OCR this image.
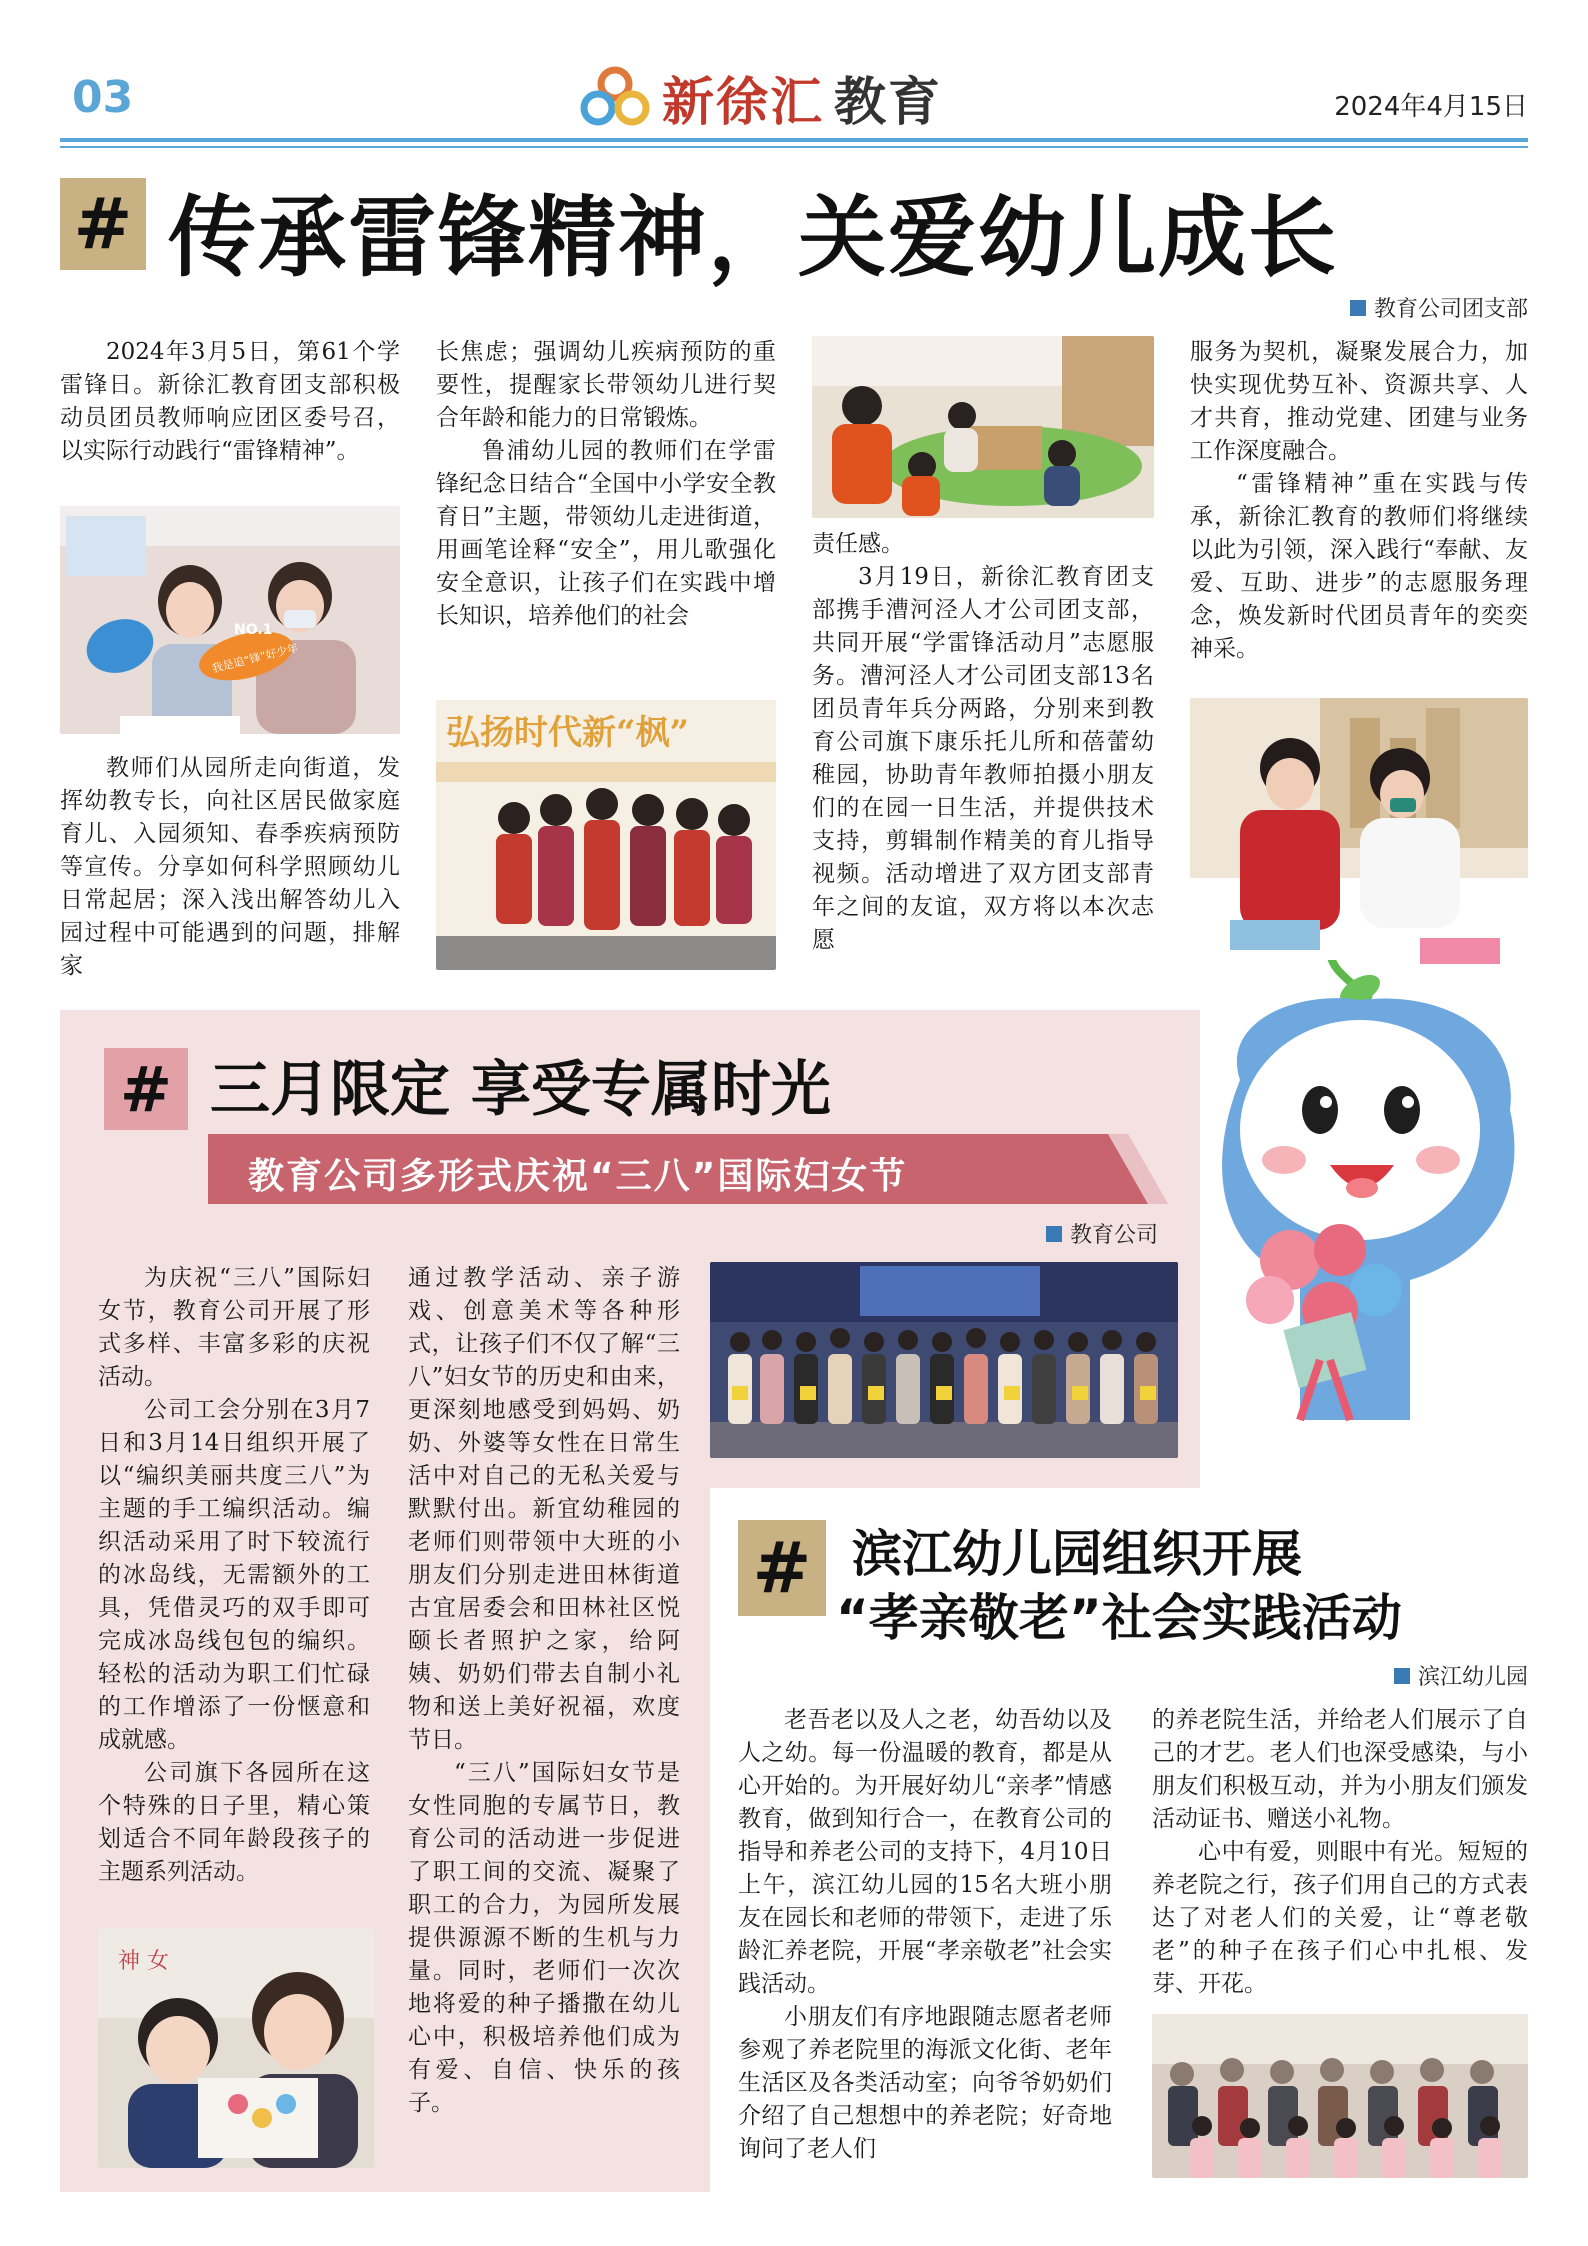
03	新徐汇 教育	2024年4月15日
# 传承雷锋精神，关爱幼儿成长
教育公司团支部

2024年3月5日，第61个学雷锋日。新徐汇教育团支部积极动员团员教师响应团区委号召，以实际行动践行“雷锋精神”。

NO.1
我是追“锋”好少年

教师们从园所走向街道，发挥幼教专长，向社区居民做家庭育儿、入园须知、春季疾病预防等宣传。分享如何科学照顾幼儿日常起居；深入浅出解答幼儿入园过程中可能遇到的问题，排解家

长焦虑；强调幼儿疾病预防的重要性，提醒家长带领幼儿进行契合年龄和能力的日常锻炼。

鲁浦幼儿园的教师们在学雷锋纪念日结合“全国中小学安全教育日”主题，带领幼儿走进街道，用画笔诠释“安全”，用儿歌强化安全意识，让孩子们在实践中增长知识，培养他们的社会

弘扬时代新“枫”

责任感。

3月19日，新徐汇教育团支部携手漕河泾人才公司团支部，共同开展“学雷锋活动月”志愿服务。漕河泾人才公司团支部13名团员青年兵分两路，分别来到教育公司旗下康乐托儿所和蓓蕾幼稚园，协助青年教师拍摄小朋友们的在园一日生活，并提供技术支持，剪辑制作精美的育儿指导视频。活动增进了双方团支部青年之间的友谊，双方将以本次志愿

服务为契机，凝聚发展合力，加快实现优势互补、资源共享、人才共育，推动党建、团建与业务工作深度融合。

“雷锋精神”重在实践与传承，新徐汇教育的教师们将继续以此为引领，深入践行“奉献、友爱、互助、进步”的志愿服务理念，焕发新时代团员青年的奕奕神采。

# 三月限定 享受专属时光
教育公司多形式庆祝“三八”国际妇女节
教育公司

为庆祝“三八”国际妇女节，教育公司开展了形式多样、丰富多彩的庆祝活动。

公司工会分别在3月7日和3月14日组织开展了以“编织美丽共度三八”为主题的手工编织活动。编织活动采用了时下较流行的冰岛线，无需额外的工具，凭借灵巧的双手即可完成冰岛线包包的编织。轻松的活动为职工们忙碌的工作增添了一份惬意和成就感。

公司旗下各园所在这个特殊的日子里，精心策划适合不同年龄段孩子的主题系列活动。

神 女

通过教学活动、亲子游戏、创意美术等各种形式，让孩子们不仅了解“三八”妇女节的历史和由来，更深刻地感受到妈妈、奶奶、外婆等女性在日常生活中对自己的无私关爱与默默付出。新宜幼稚园的老师们则带领中大班的小朋友们分别走进田林街道古宜居委会和田林社区悦颐长者照护之家，给阿姨、奶奶们带去自制小礼物和送上美好祝福，欢度节日。

“三八”国际妇女节是女性同胞的专属节日，教育公司的活动进一步促进了职工间的交流、凝聚了职工的合力，为园所发展提供源源不断的生机与力量。同时，老师们一次次地将爱的种子播撒在幼儿心中，积极培养他们成为有爱、自信、快乐的孩子。

# 滨江幼儿园组织开展
“孝亲敬老”社会实践活动
滨江幼儿园

老吾老以及人之老，幼吾幼以及人之幼。每一份温暖的教育，都是从心开始的。为开展好幼儿“亲孝”情感教育，做到知行合一，在教育公司的指导和养老公司的支持下，4月10日上午，滨江幼儿园的15名大班小朋友在园长和老师的带领下，走进了乐龄汇养老院，开展“孝亲敬老”社会实践活动。

小朋友们有序地跟随志愿者老师参观了养老院里的海派文化街、老年生活区及各类活动室；向爷爷奶奶们介绍了自己想想中的养老院；好奇地询问了老人们

的养老院生活，并给老人们展示了自己的才艺。老人们也深受感染，与小朋友们积极互动，并为小朋友们颁发活动证书、赠送小礼物。

心中有爱，则眼中有光。短短的养老院之行，孩子们用自己的方式表达了对老人们的关爱，让“尊老敬老”的种子在孩子们心中扎根、发芽、开花。
